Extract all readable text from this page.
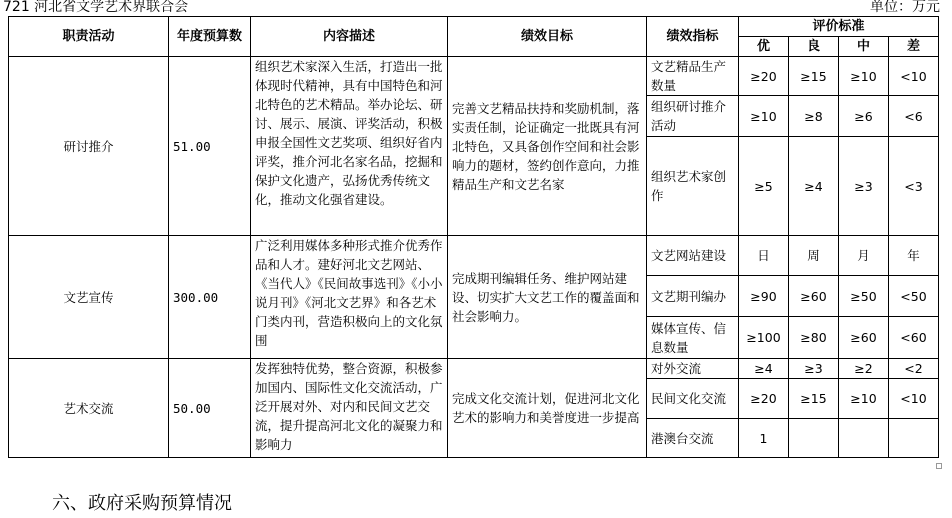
721 河北省文学艺术界联合会	单位：万元
职责活动	年度预算数	内容描述	绩效目标	绩效指标	评价标准			
					优	良	中	差
研讨推介	51.00	组织艺术家深入生活，打造出一批体现时代精神，具有中国特色和河北特色的艺术精品。举办论坛、研讨、展示、展演、评奖活动，积极申报全国性文艺奖项、组织好省内评奖，推介河北名家名品，挖掘和保护文化遗产，弘扬优秀传统文化，推动文化强省建设。	完善文艺精品扶持和奖励机制，落实责任制，论证确定一批既具有河北特色，又具备创作空间和社会影响力的题材，签约创作意向，力推精品生产和文艺名家	文艺精品生产数量	≥20	≥15	≥10	<10
				组织研讨推介活动	≥10	≥8	≥6	<6
				组织艺术家创作	≥5	≥4	≥3	<3
文艺宣传	300.00	广泛利用媒体多种形式推介优秀作品和人才。建好河北文艺网站、《当代人》《民间故事选刊》《小小说月刊》《河北文艺界》和各艺术门类内刊，营造积极向上的文化氛围	完成期刊编辑任务、维护网站建设、切实扩大文艺工作的覆盖面和社会影响力。	文艺网站建设	日	周	月	年
				文艺期刊编办	≥90	≥60	≥50	<50
				媒体宣传、信息数量	≥100	≥80	≥60	<60
艺术交流	50.00	发挥独特优势，整合资源，积极参加国内、国际性文化交流活动，广泛开展对外、对内和民间文艺交流，提升提高河北文化的凝聚力和影响力	完成文化交流计划，促进河北文化艺术的影响力和美誉度进一步提高	对外交流	≥4	≥3	≥2	<2
				民间文化交流	≥20	≥15	≥10	<10
				港澳台交流	1			
六、政府采购预算情况
